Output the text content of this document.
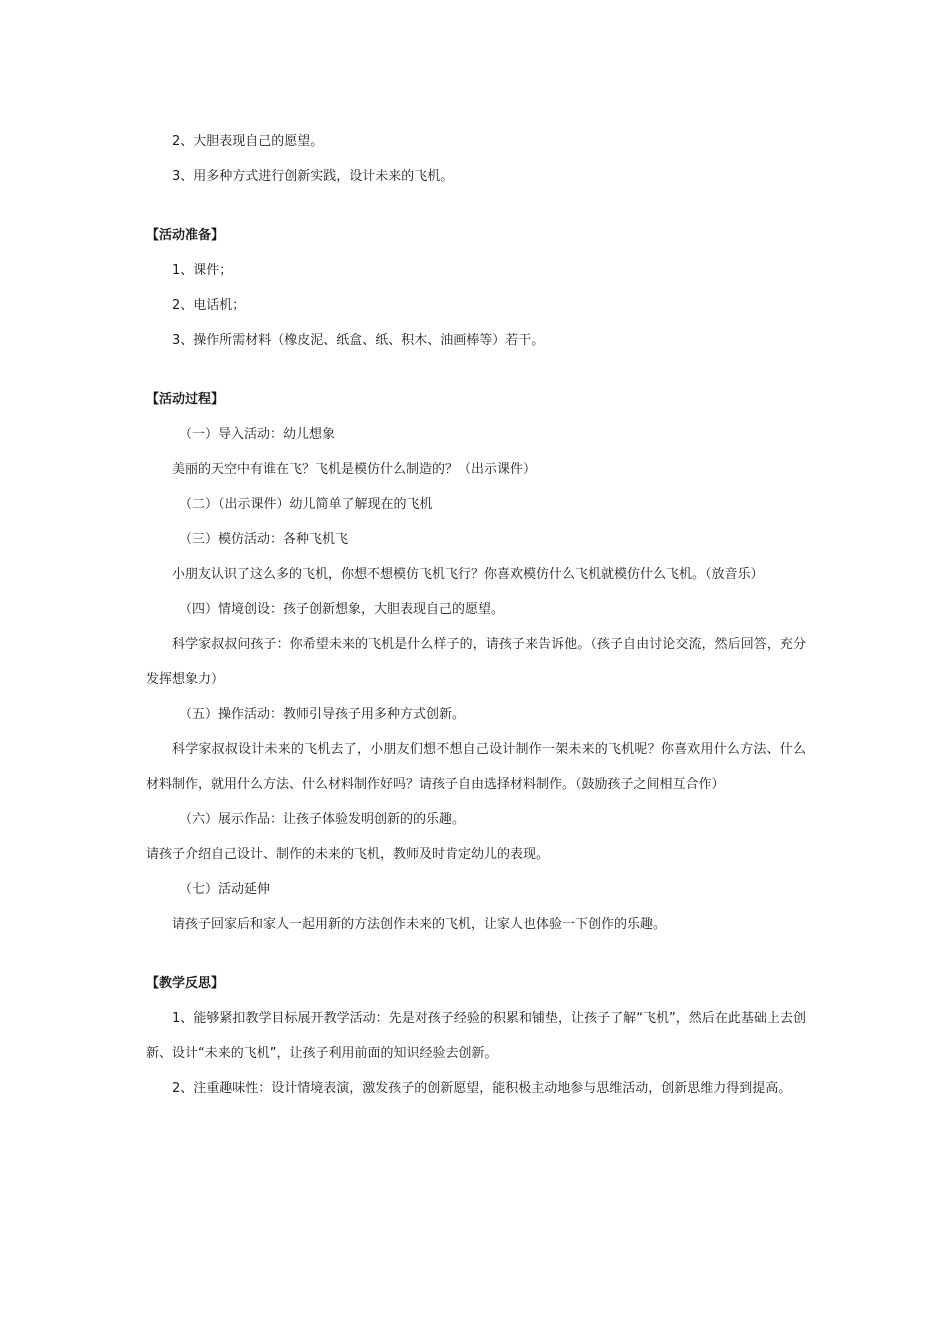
2、大胆表现自己的愿望。

3、用多种方式进行创新实践，设计未来的飞机。

【活动准备】

1、课件；

2、电话机；

3、操作所需材料（橡皮泥、纸盒、纸、积木、油画棒等）若干。

【活动过程】

（一）导入活动：幼儿想象

美丽的天空中有谁在飞？飞机是模仿什么制造的？（出示课件）

（二）（出示课件）幼儿简单了解现在的飞机

（三）模仿活动：各种飞机飞

小朋友认识了这么多的飞机，你想不想模仿飞机飞行？你喜欢模仿什么飞机就模仿什么飞机。（放音乐）

（四）情境创设：孩子创新想象，大胆表现自己的愿望。

科学家叔叔问孩子：你希望未来的飞机是什么样子的，请孩子来告诉他。（孩子自由讨论交流，然后回答，充分发挥想象力）

（五）操作活动：教师引导孩子用多种方式创新。

科学家叔叔设计未来的飞机去了，小朋友们想不想自己设计制作一架未来的飞机呢？你喜欢用什么方法、什么材料制作，就用什么方法、什么材料制作好吗？请孩子自由选择材料制作。（鼓励孩子之间相互合作）

（六）展示作品：让孩子体验发明创新的的乐趣。

请孩子介绍自己设计、制作的未来的飞机，教师及时肯定幼儿的表现。

（七）活动延伸

请孩子回家后和家人一起用新的方法创作未来的飞机，让家人也体验一下创作的乐趣。

【教学反思】

1、能够紧扣教学目标展开教学活动：先是对孩子经验的积累和铺垫，让孩子了解“飞机”，然后在此基础上去创新、设计“未来的飞机”，让孩子利用前面的知识经验去创新。

2、注重趣味性：设计情境表演，激发孩子的创新愿望，能积极主动地参与思维活动，创新思维力得到提高。
